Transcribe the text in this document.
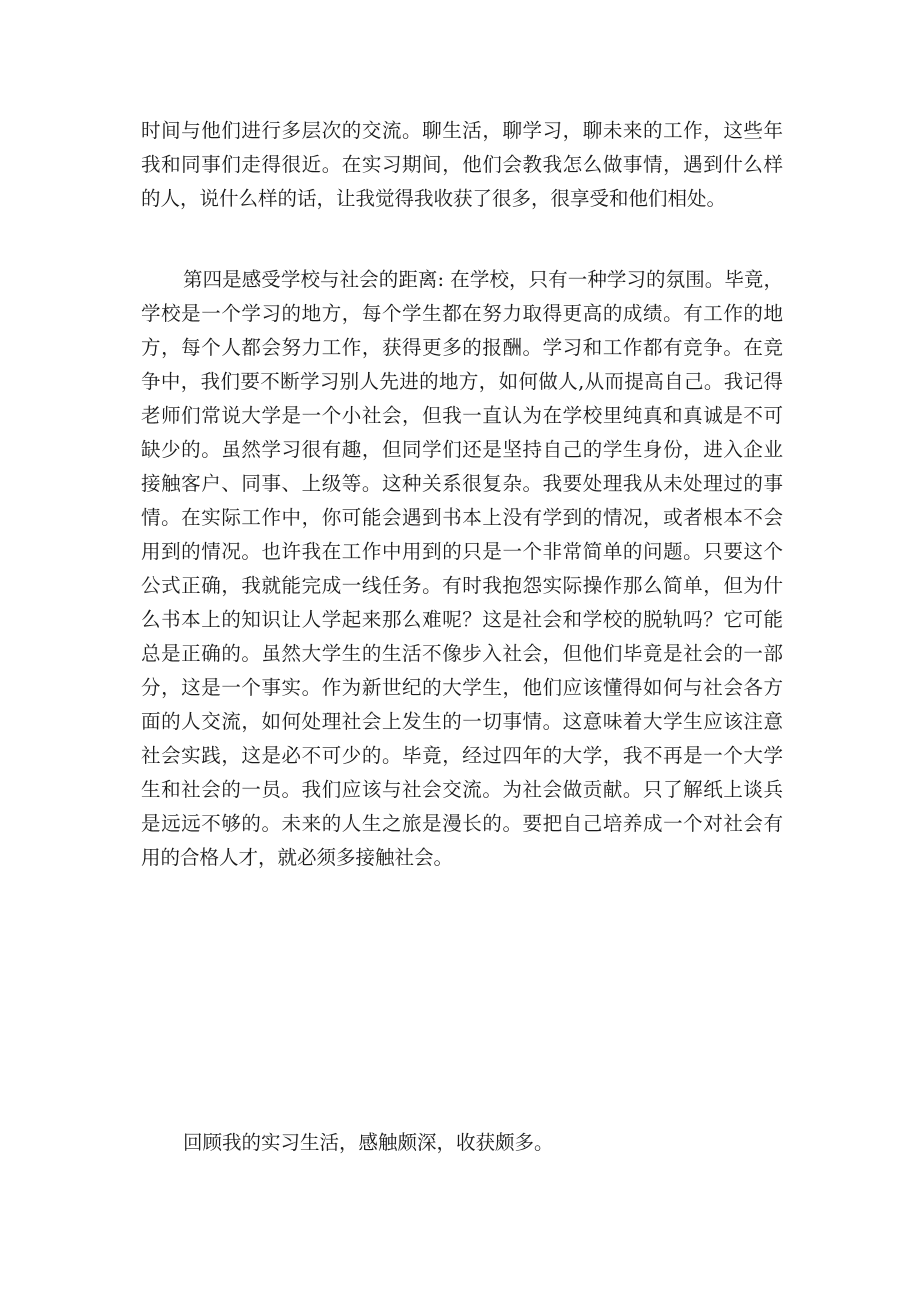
时间与他们进行多层次的交流。聊生活，聊学习，聊未来的工作，这些年
我和同事们走得很近。在实习期间，他们会教我怎么做事情，遇到什么样
的人，说什么样的话，让我觉得我收获了很多，很享受和他们相处。
第四是感受学校与社会的距离: 在学校，只有一种学习的氛围。毕竟，
学校是一个学习的地方，每个学生都在努力取得更高的成绩。有工作的地
方，每个人都会努力工作，获得更多的报酬。学习和工作都有竞争。在竞
争中，我们要不断学习别人先进的地方，如何做人,从而提高自己。我记得
老师们常说大学是一个小社会，但我一直认为在学校里纯真和真诚是不可
缺少的。虽然学习很有趣，但同学们还是坚持自己的学生身份，进入企业
接触客户、同事、上级等。这种关系很复杂。我要处理我从未处理过的事
情。在实际工作中，你可能会遇到书本上没有学到的情况，或者根本不会
用到的情况。也许我在工作中用到的只是一个非常简单的问题。只要这个
公式正确，我就能完成一线任务。有时我抱怨实际操作那么简单，但为什
么书本上的知识让人学起来那么难呢？这是社会和学校的脱轨吗？它可能
总是正确的。虽然大学生的生活不像步入社会，但他们毕竟是社会的一部
分，这是一个事实。作为新世纪的大学生，他们应该懂得如何与社会各方
面的人交流，如何处理社会上发生的一切事情。这意味着大学生应该注意
社会实践，这是必不可少的。毕竟，经过四年的大学，我不再是一个大学
生和社会的一员。我们应该与社会交流。为社会做贡献。只了解纸上谈兵
是远远不够的。未来的人生之旅是漫长的。要把自己培养成一个对社会有
用的合格人才，就必须多接触社会。
回顾我的实习生活，感触颇深，收获颇多。
